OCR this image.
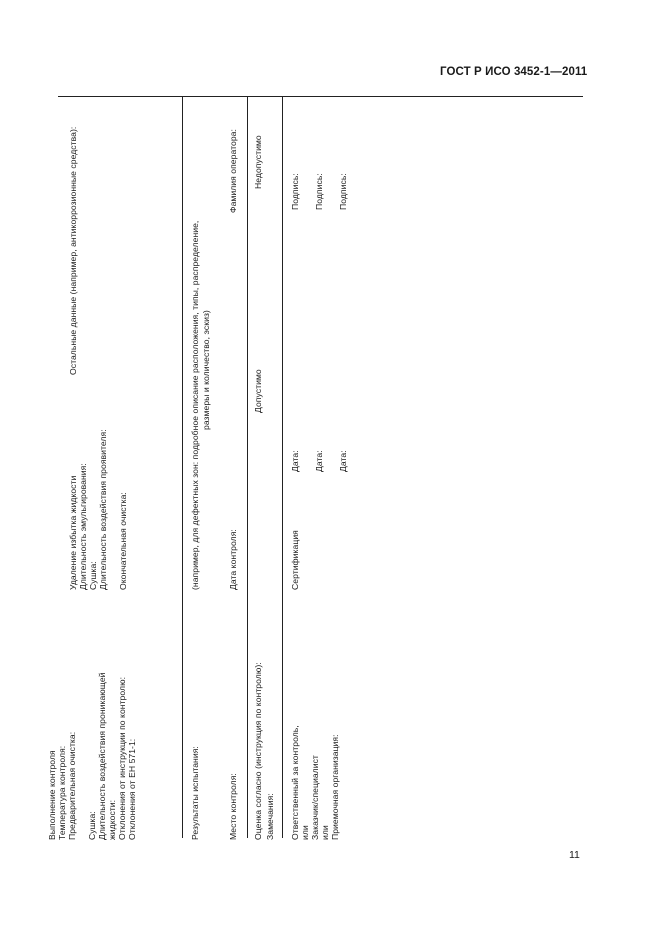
ГОСТ Р ИСО 3452-1—2011
Выполнение контроля Температура контроля: Предварительная очистка:
Сушка: Длительность воздействия проникающей жидкости: Отклонения от инструкции по контролю: Отклонения от ЕН 571-1:
Удаление избытка жидкости Длительность эмульгирования: Сушка: Длительность воздействия проявителя:
Окончательная очистка:
Остальные данные (например, антикоррозионные средства):
Результаты испытания:
(например, для дефектных зон: подробное описание расположения, типы, распределение, размеры и количество, эскиз)
Место контроля:
Дата контроля:
Фамилия оператора:
Оценка согласно (инструкция по контролю): Замечания:
Допустимо
Недопустимо
Ответственный за контроль, или Заказчик/специалист или Приемочная организация:
Сертификация
Дата: Дата: Дата:
Подпись: Подпись: Подпись:
11
